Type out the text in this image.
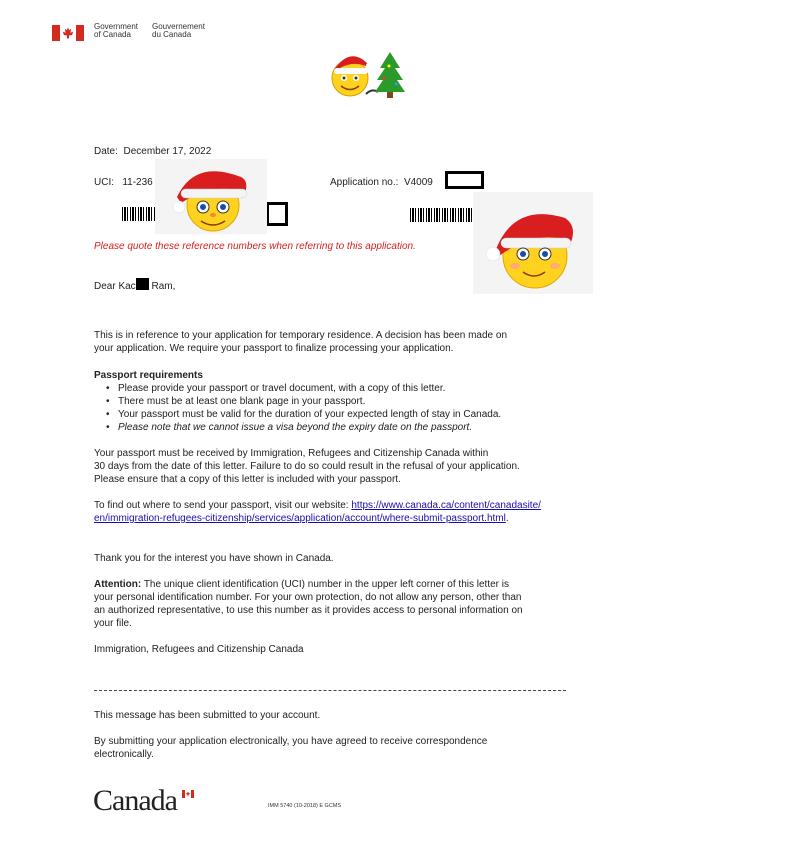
Government
of Canada
Gouvernement
du Canada
Date: December 17, 2022
UCI: 11-236	Application no.: V4009
Please quote these reference numbers when referring to this application.
Dear Kac Ram,

This is in reference to your application for temporary residence. A decision has been made on

your application. We require your passport to finalize processing your application.

Passport requirements

• Please provide your passport or travel document, with a copy of this letter.
• There must be at least one blank page in your passport.
• Your passport must be valid for the duration of your expected length of stay in Canada.
• Please note that we cannot issue a visa beyond the expiry date on the passport.

Your passport must be received by Immigration, Refugees and Citizenship Canada within

30 days from the date of this letter. Failure to do so could result in the refusal of your application.

Please ensure that a copy of this letter is included with your passport.

To find out where to send your passport, visit our website: https://www.canada.ca/content/canadasite/

en/immigration-refugees-citizenship/services/application/account/where-submit-passport.html.

Thank you for the interest you have shown in Canada.

Attention: The unique client identification (UCI) number in the upper left corner of this letter is

your personal identification number. For your own protection, do not allow any person, other than

an authorized representative, to use this number as it provides access to personal information on

your file.

Immigration, Refugees and Citizenship Canada
This message has been submitted to your account.

By submitting your application electronically, you have agreed to receive correspondence

electronically.

Canada	IMM 5740 (10-2018) E GCMS
